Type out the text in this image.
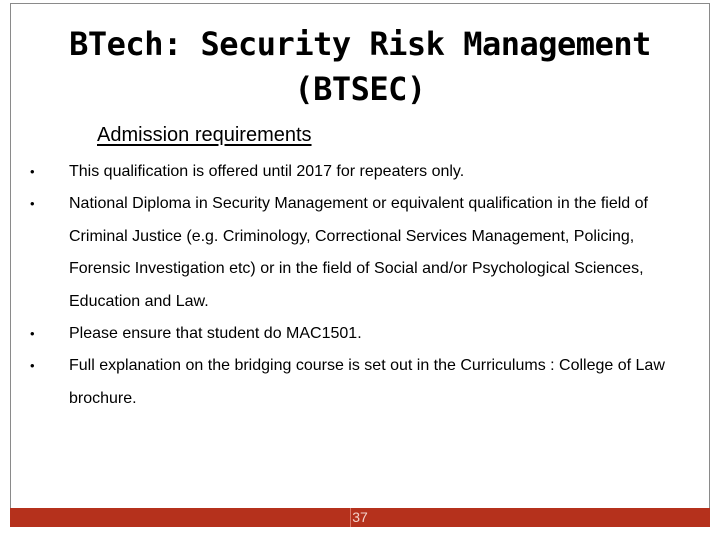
BTech: Security Risk Management
(BTSEC)
Admission requirements
•	This qualification is offered until 2017 for repeaters only.
•	National Diploma in Security Management or equivalent qualification in the field of Criminal Justice (e.g. Criminology, Correctional Services Management, Policing, Forensic Investigation etc) or in the field of Social and/or Psychological Sciences, Education and Law.
•	Please ensure that student do MAC1501.
•	Full explanation on the bridging course is set out in the Curriculums : College of Law brochure.
37
